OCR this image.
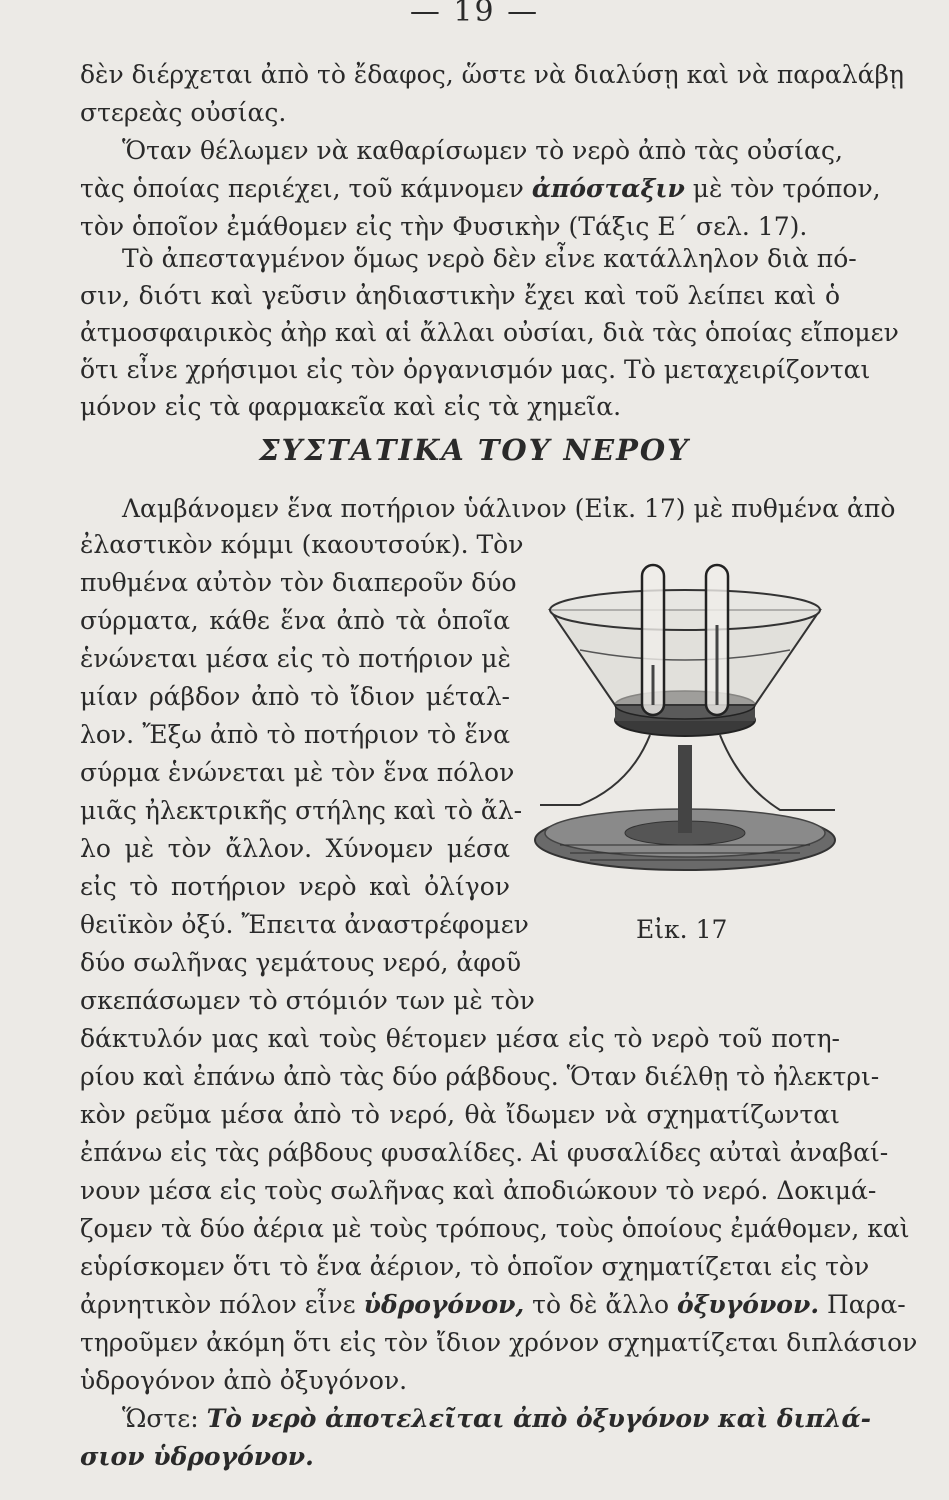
— 19 —
δὲν διέρχεται ἀπὸ τὸ ἔδαφος, ὥστε νὰ διαλύσῃ καὶ νὰ παραλάβῃ
στερεὰς οὐσίας.
Ὅταν θέλωμεν νὰ καθαρίσωμεν τὸ νερὸ ἀπὸ τὰς οὐσίας,
τὰς ὁποίας περιέχει, τοῦ κάμνομεν ἀπόσταξιν μὲ τὸν τρόπον,
τὸν ὁποῖον ἐμάθομεν εἰς τὴν Φυσικὴν (Τάξις Ε΄ σελ. 17).
Τὸ ἀπεσταγμένον ὅμως νερὸ δὲν εἶνε κατάλληλον διὰ πό-
σιν, διότι καὶ γεῦσιν ἀηδιαστικὴν ἔχει καὶ τοῦ λείπει καὶ ὁ
ἀτμοσφαιρικὸς ἀὴρ καὶ αἱ ἄλλαι οὐσίαι, διὰ τὰς ὁποίας εἴπομεν
ὅτι εἶνε χρήσιμοι εἰς τὸν ὀργανισμόν μας. Τὸ μεταχειρίζονται
μόνον εἰς τὰ φαρμακεῖα καὶ εἰς τὰ χημεῖα.
ΣΥΣΤΑΤΙΚΑ ΤΟΥ ΝΕΡΟΥ
Λαμβάνομεν ἕνα ποτήριον ὑάλινον (Εἰκ. 17) μὲ πυθμένα ἀπὸ
ἐλαστικὸν κόμμι (καουτσούκ). Τὸν
πυθμένα αὐτὸν τὸν διαπεροῦν δύο
σύρματα, κάθε ἕνα ἀπὸ τὰ ὁποῖα
ἑνώνεται μέσα εἰς τὸ ποτήριον μὲ
μίαν ράβδον ἀπὸ τὸ ἴδιον μέταλ-
λον. Ἔξω ἀπὸ τὸ ποτήριον τὸ ἕνα
σύρμα ἑνώνεται μὲ τὸν ἕνα πόλον
μιᾶς ἠλεκτρικῆς στήλης καὶ τὸ ἄλ-
λο μὲ τὸν ἄλλον. Χύνομεν μέσα
εἰς τὸ ποτήριον νερὸ καὶ ὀλίγον
θειϊκὸν ὀξύ. Ἔπειτα ἀναστρέφομεν
δύο σωλῆνας γεμάτους νερό, ἀφοῦ
σκεπάσωμεν τὸ στόμιόν των μὲ τὸν
δάκτυλόν μας καὶ τοὺς θέτομεν μέσα εἰς τὸ νερὸ τοῦ ποτη-
ρίου καὶ ἐπάνω ἀπὸ τὰς δύο ράβδους. Ὅταν διέλθῃ τὸ ἠλεκτρι-
κὸν ρεῦμα μέσα ἀπὸ τὸ νερό, θὰ ἴδωμεν νὰ σχηματίζωνται
ἐπάνω εἰς τὰς ράβδους φυσαλίδες. Αἱ φυσαλίδες αὐταὶ ἀναβαί-
νουν μέσα εἰς τοὺς σωλῆνας καὶ ἀποδιώκουν τὸ νερό. Δοκιμά-
ζομεν τὰ δύο ἀέρια μὲ τοὺς τρόπους, τοὺς ὁποίους ἐμάθομεν, καὶ
εὑρίσκομεν ὅτι τὸ ἕνα ἀέριον, τὸ ὁποῖον σχηματίζεται εἰς τὸν
ἀρνητικὸν πόλον εἶνε ὑδρογόνον, τὸ δὲ ἄλλο ὀξυγόνον. Παρα-
τηροῦμεν ἀκόμη ὅτι εἰς τὸν ἴδιον χρόνον σχηματίζεται διπλάσιον
ὑδρογόνον ἀπὸ ὀξυγόνον.
Ὥστε: Τὸ νερὸ ἀποτελεῖται ἀπὸ ὀξυγόνον καὶ διπλά-
σιον ὑδρογόνον.
Εἰκ. 17
